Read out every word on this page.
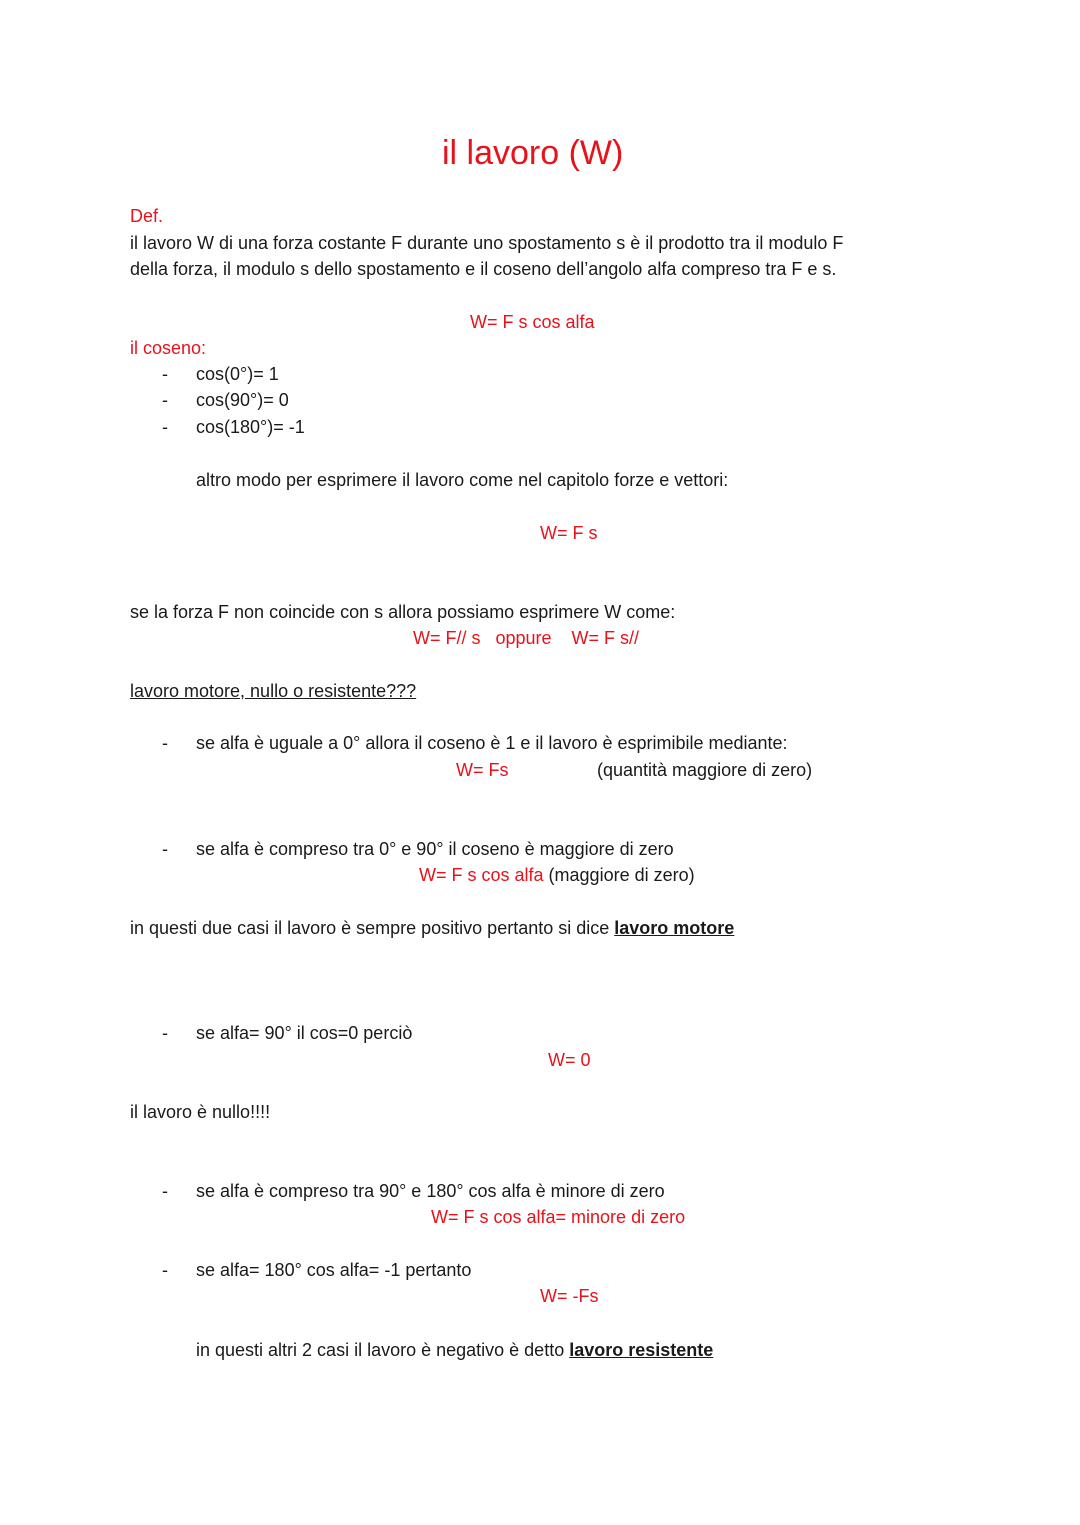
il lavoro (W)
Def.
il lavoro W di una forza costante F durante uno spostamento s è il prodotto tra il modulo F
della forza, il modulo s dello spostamento e il coseno dell’angolo alfa compreso tra F e s.
W= F s cos alfa
il coseno:
- cos(0°)= 1
- cos(90°)= 0
- cos(180°)= -1
altro modo per esprimere il lavoro come nel capitolo forze e vettori:
W= F s
se la forza F non coincide con s allora possiamo esprimere W come:
W= F// s   oppure    W= F s//
lavoro motore, nullo o resistente???
- se alfa è uguale a 0° allora il coseno è 1 e il lavoro è esprimibile mediante:
W= Fs	(quantità maggiore di zero)
- se alfa è compreso tra 0° e 90° il coseno è maggiore di zero
W= F s cos alfa (maggiore di zero)
in questi due casi il lavoro è sempre positivo pertanto si dice lavoro motore
- se alfa= 90° il cos=0 perciò
W= 0
il lavoro è nullo!!!!
- se alfa è compreso tra 90° e 180° cos alfa è minore di zero
W= F s cos alfa= minore di zero
- se alfa= 180° cos alfa= -1 pertanto
W= -Fs
in questi altri 2 casi il lavoro è negativo è detto lavoro resistente
